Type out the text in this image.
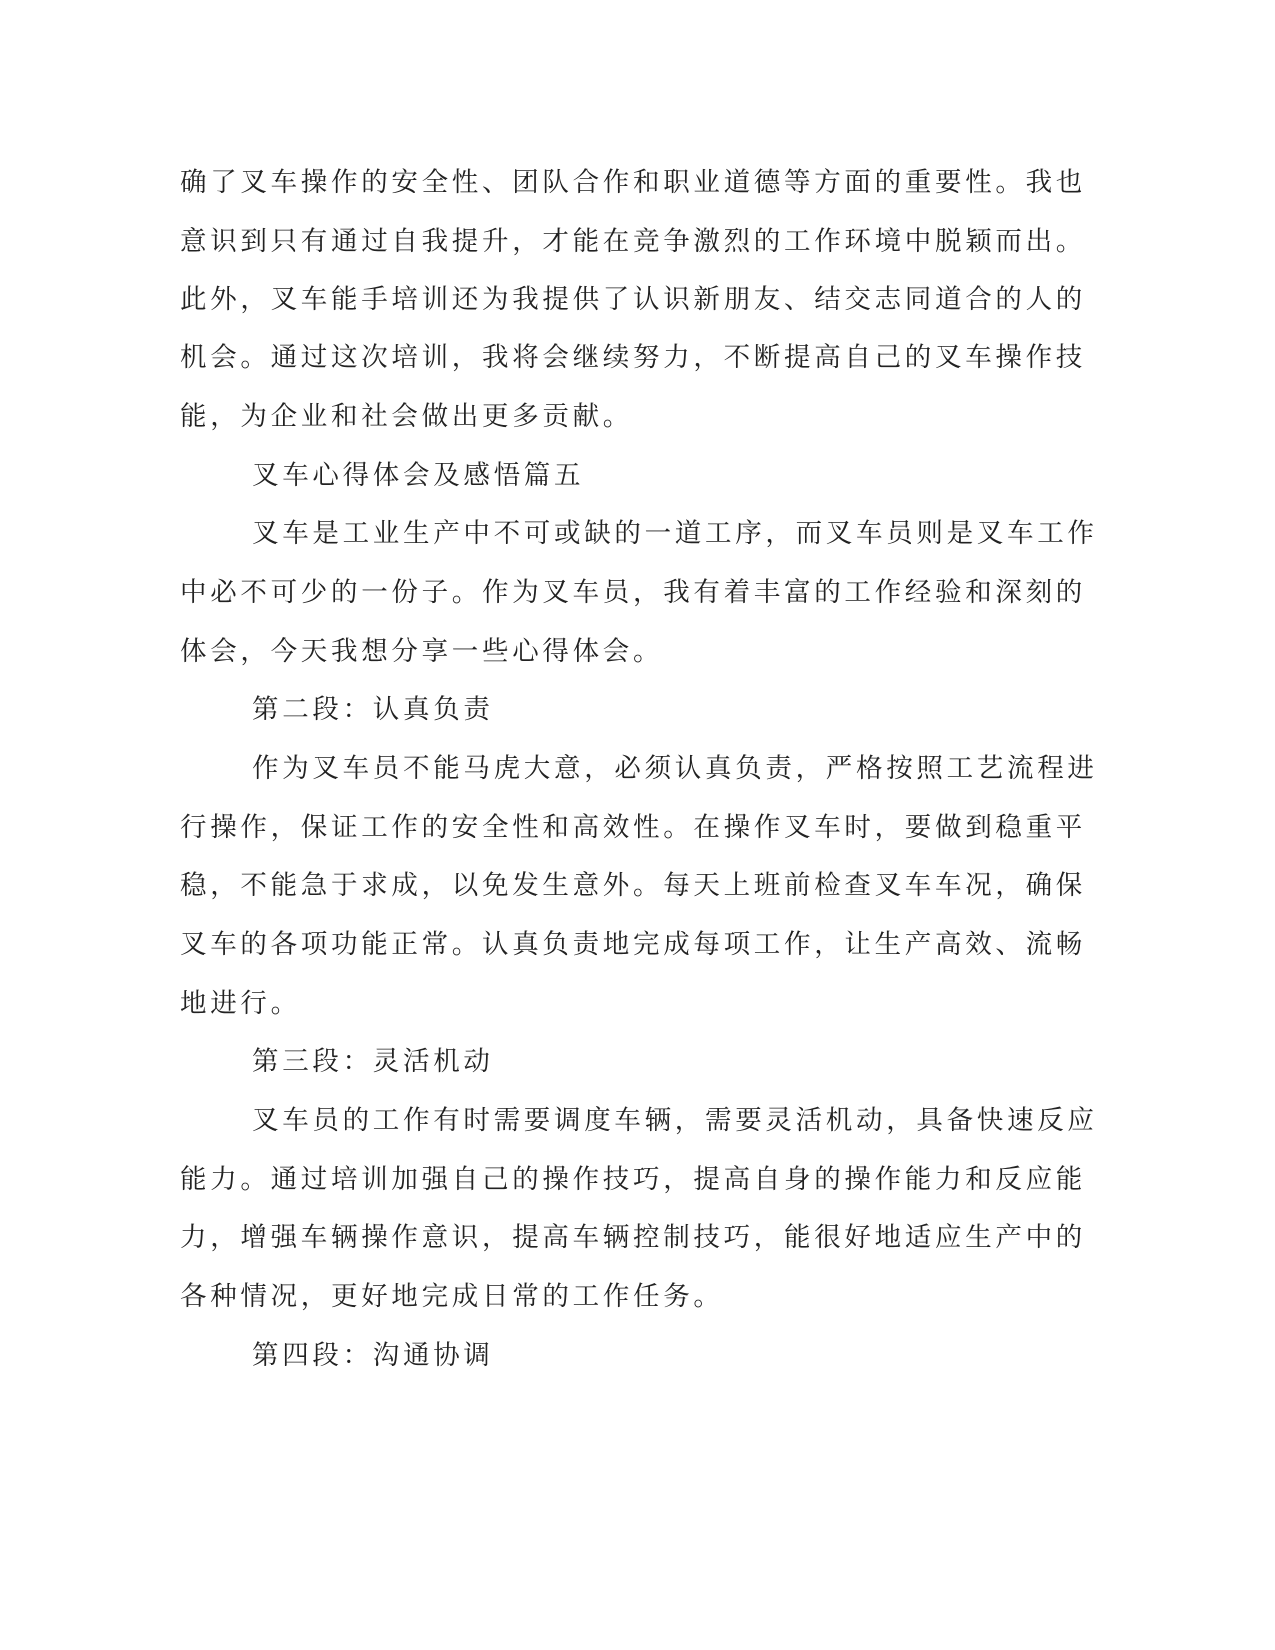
确了叉车操作的安全性、团队合作和职业道德等方面的重要性。我也
意识到只有通过自我提升，才能在竞争激烈的工作环境中脱颖而出。
此外，叉车能手培训还为我提供了认识新朋友、结交志同道合的人的
机会。通过这次培训，我将会继续努力，不断提高自己的叉车操作技
能，为企业和社会做出更多贡献。
叉车心得体会及感悟篇五
叉车是工业生产中不可或缺的一道工序，而叉车员则是叉车工作
中必不可少的一份子。作为叉车员，我有着丰富的工作经验和深刻的
体会，今天我想分享一些心得体会。
第二段：认真负责
作为叉车员不能马虎大意，必须认真负责，严格按照工艺流程进
行操作，保证工作的安全性和高效性。在操作叉车时，要做到稳重平
稳，不能急于求成，以免发生意外。每天上班前检查叉车车况，确保
叉车的各项功能正常。认真负责地完成每项工作，让生产高效、流畅
地进行。
第三段：灵活机动
叉车员的工作有时需要调度车辆，需要灵活机动，具备快速反应
能力。通过培训加强自己的操作技巧，提高自身的操作能力和反应能
力，增强车辆操作意识，提高车辆控制技巧，能很好地适应生产中的
各种情况，更好地完成日常的工作任务。
第四段：沟通协调
